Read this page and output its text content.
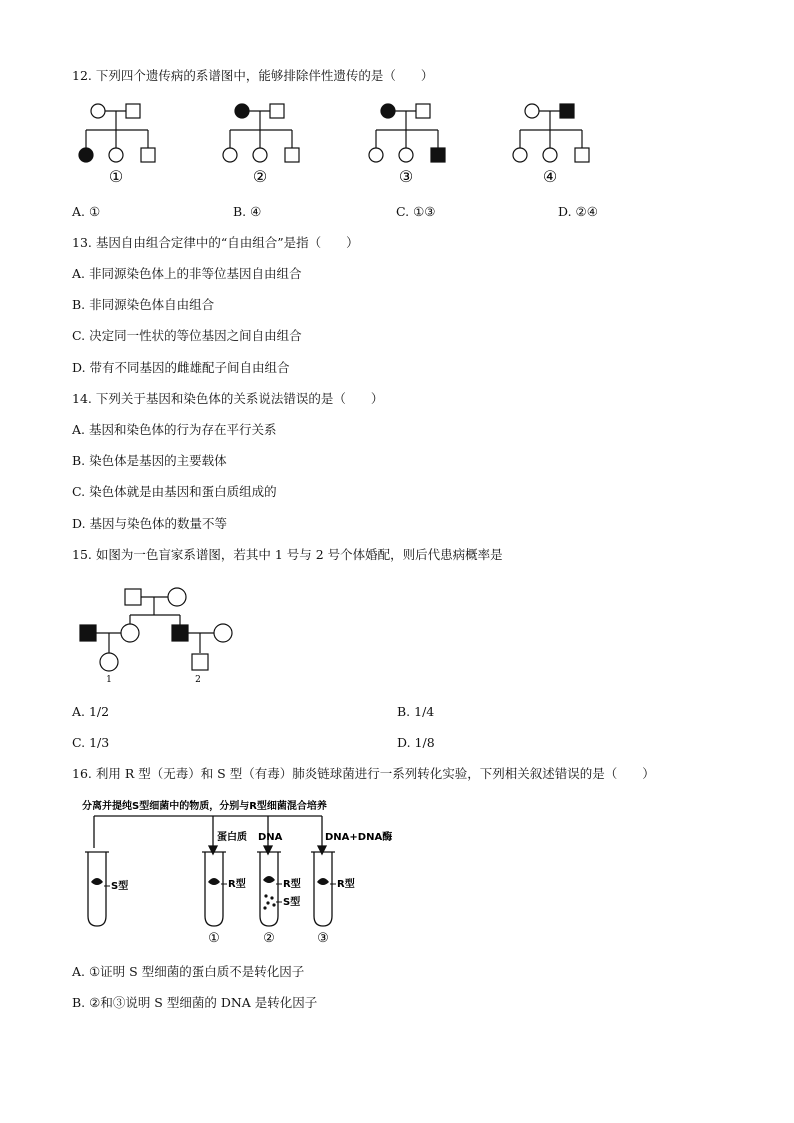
12. 下列四个遗传病的系谱图中，能够排除伴性遗传的是（　　）
①	②	③	④
A. ①	B. ④	C. ①③	D. ②④
13. 基因自由组合定律中的“自由组合”是指（　　）
A. 非同源染色体上的非等位基因自由组合
B. 非同源染色体自由组合
C. 决定同一性状的等位基因之间自由组合
D. 带有不同基因的雌雄配子间自由组合
14. 下列关于基因和染色体的关系说法错误的是（　　）
A. 基因和染色体的行为存在平行关系
B. 染色体是基因的主要载体
C. 染色体就是由基因和蛋白质组成的
D. 基因与染色体的数量不等
15. 如图为一色盲家系谱图，若其中 1 号与 2 号个体婚配，则后代患病概率是
1	2
A. 1/2	B. 1/4
C. 1/3	D. 1/8
16. 利用 R 型（无毒）和 S 型（有毒）肺炎链球菌进行一系列转化实验，下列相关叙述错误的是（　　）
分离并提纯S型细菌中的物质，分别与R型细菌混合培养
蛋白质 DNA	DNA+DNA酶
S型	R型	R型
S型
R型
①	②	③
A. ①证明 S 型细菌的蛋白质不是转化因子
B. ②和③说明 S 型细菌的 DNA 是转化因子
